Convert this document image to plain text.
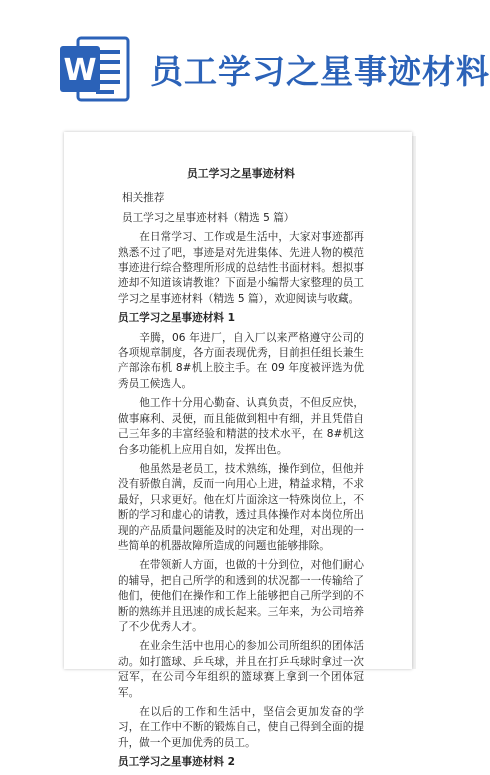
W 员工学习之星事迹材料
员工学习之星事迹材料
相关推荐
员工学习之星事迹材料（精选 5 篇）
在日常学习、工作或是生活中，大家对事迹都再熟悉不过了吧，事迹是对先进集体、先进人物的模范事迹进行综合整理所形成的总结性书面材料。想拟事迹却不知道该请教谁？下面是小编帮大家整理的员工学习之星事迹材料（精选 5 篇），欢迎阅读与收藏。
员工学习之星事迹材料 1
辛腾，06 年进厂，自入厂以来严格遵守公司的各项规章制度，各方面表现优秀，目前担任组长兼生产部涂布机 8#机上胶主手。在 09 年度被评选为优秀员工候选人。
他工作十分用心勤奋、认真负责，不但反应快，做事麻利、灵便，而且能做到粗中有细，并且凭借自己三年多的丰富经验和精湛的技术水平，在 8#机这台多功能机上应用自如，发挥出色。
他虽然是老员工，技术熟练，操作到位，但他并没有骄傲自满，反而一向用心上进，精益求精，不求最好，只求更好。他在灯片面涂这一特殊岗位上，不断的学习和虚心的请教，透过具体操作对本岗位所出现的产品质量问题能及时的决定和处理，对出现的一些简单的机器故障所造成的问题也能够排除。
在带领新人方面，也做的十分到位，对他们耐心的辅导，把自己所学的和透到的状况都一一传输给了他们，使他们在操作和工作上能够把自己所学到的不断的熟练并且迅速的成长起来。三年来，为公司培养了不少优秀人才。
在业余生活中也用心的参加公司所组织的团体活动。如打篮球、乒乓球，并且在打乒乓球时拿过一次冠军，在公司今年组织的篮球赛上拿到一个团体冠军。
在以后的工作和生活中，坚信会更加发奋的学习，在工作中不断的锻炼自己，使自己得到全面的提升，做一个更加优秀的员工。
员工学习之星事迹材料 2
